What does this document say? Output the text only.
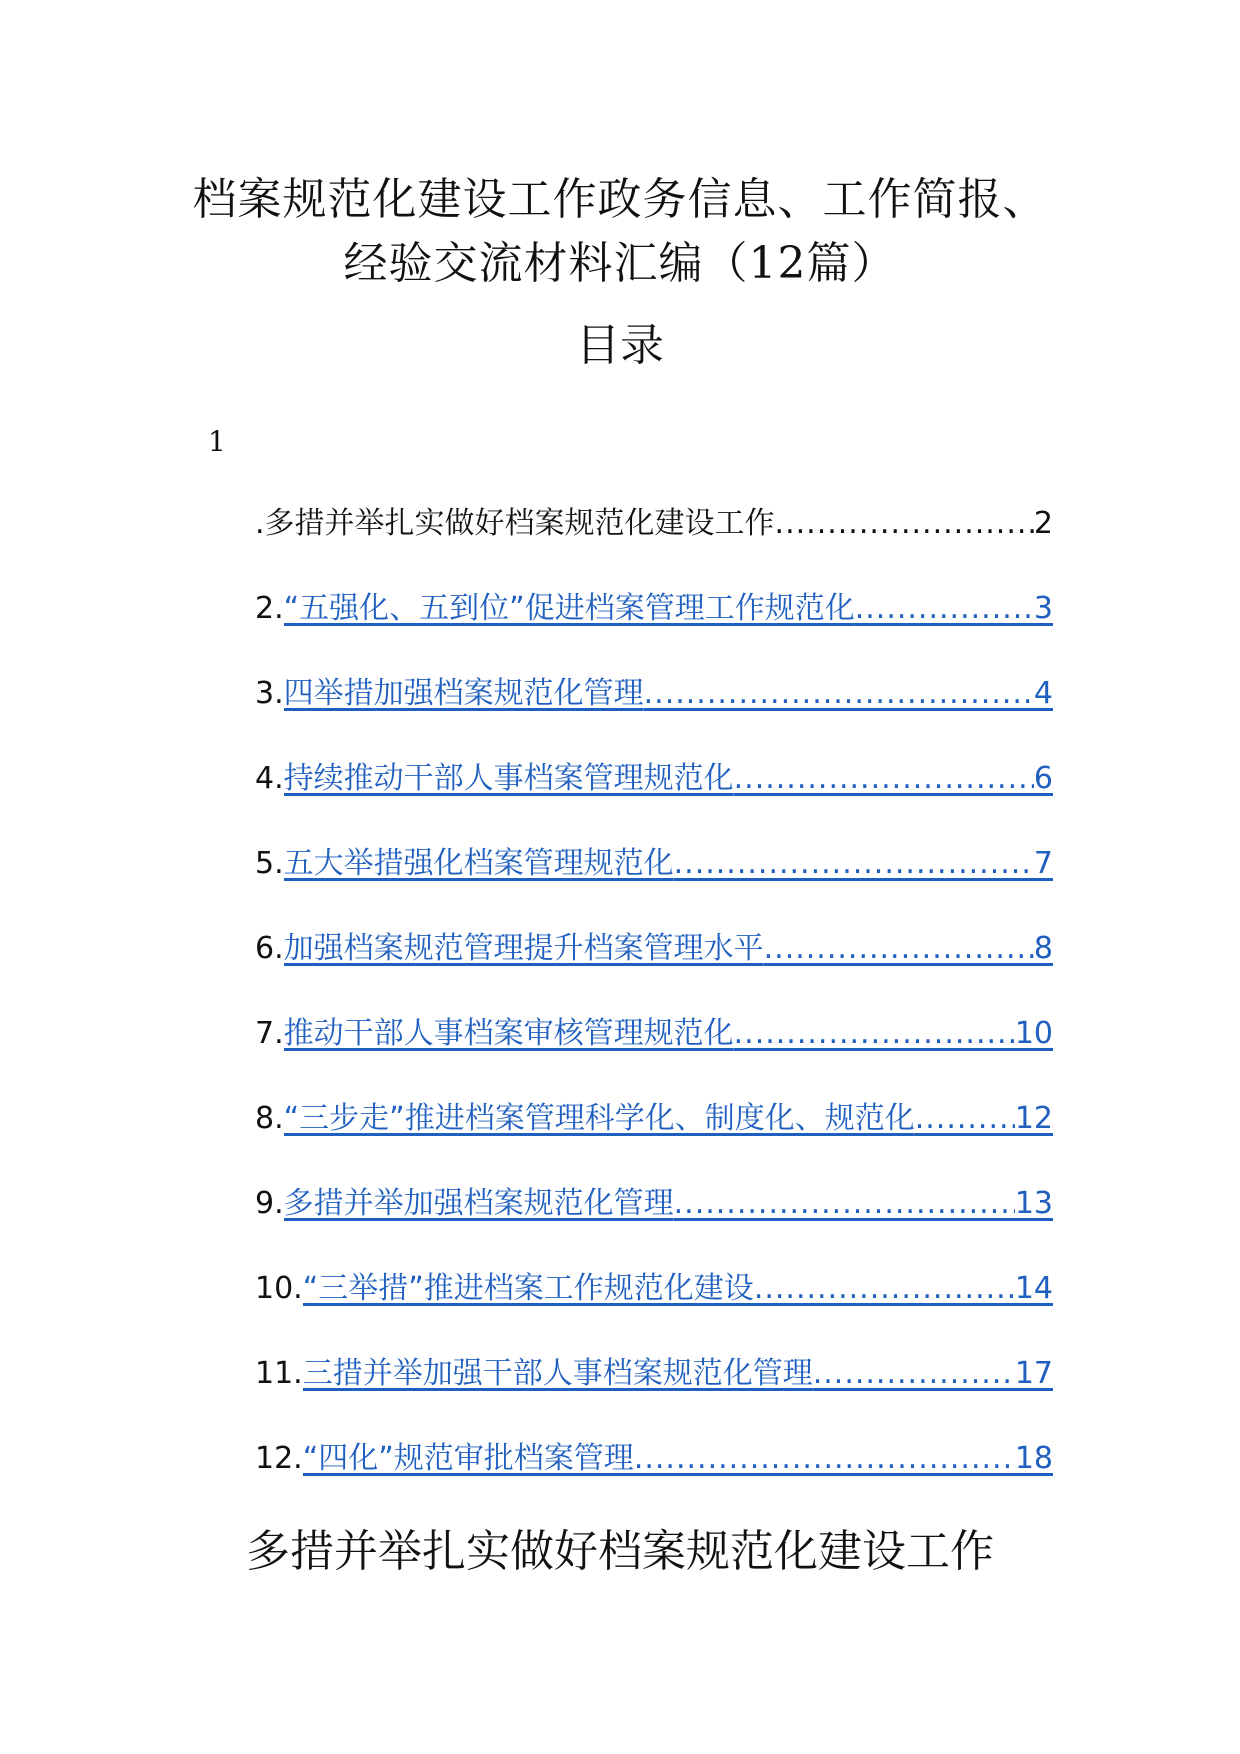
档案规范化建设工作政务信息、工作简报、
经验交流材料汇编（12篇）
目录
1
.多措并举扎实做好档案规范化建设工作 .....	2
2. “五强化、五到位”促进档案管理工作规范化 .....	3
3. 四举措加强档案规范化管理 .....	4
4. 持续推动干部人事档案管理规范化 .....	6
5. 五大举措强化档案管理规范化 .....	7
6. 加强档案规范管理提升档案管理水平 .....	8
7. 推动干部人事档案审核管理规范化 .....	10
8. “三步走”推进档案管理科学化、制度化、规范化 .....	12
9. 多措并举加强档案规范化管理 .....	13
10. “三举措”推进档案工作规范化建设 .....	14
11. 三措并举加强干部人事档案规范化管理 .....	17
12. “四化”规范审批档案管理 .....	18
多措并举扎实做好档案规范化建设工作
